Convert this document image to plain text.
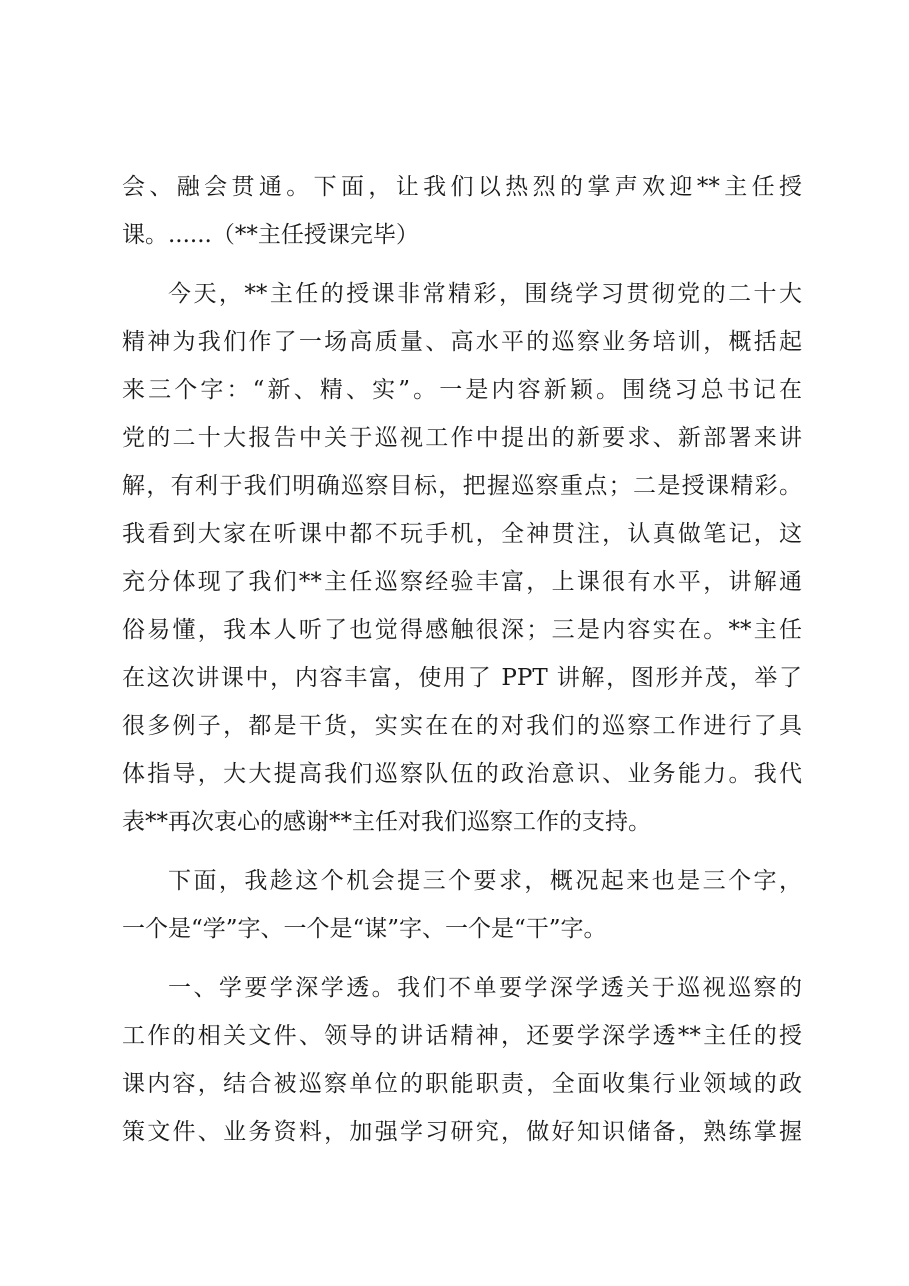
会、融会贯通。下面，让我们以热烈的掌声欢迎**主任授
课。......（**主任授课完毕）
今天，**主任的授课非常精彩，围绕学习贯彻党的二十大
精神为我们作了一场高质量、高水平的巡察业务培训，概括起
来三个字：“新、精、实”。一是内容新颖。围绕习总书记在
党的二十大报告中关于巡视工作中提出的新要求、新部署来讲
解，有利于我们明确巡察目标，把握巡察重点；二是授课精彩。
我看到大家在听课中都不玩手机，全神贯注，认真做笔记，这
充分体现了我们**主任巡察经验丰富，上课很有水平，讲解通
俗易懂，我本人听了也觉得感触很深；三是内容实在。**主任
在这次讲课中，内容丰富，使用了 PPT 讲解，图形并茂，举了
很多例子，都是干货，实实在在的对我们的巡察工作进行了具
体指导，大大提高我们巡察队伍的政治意识、业务能力。我代
表**再次衷心的感谢**主任对我们巡察工作的支持。
下面，我趁这个机会提三个要求，概况起来也是三个字，
一个是“学”字、一个是“谋”字、一个是“干”字。
一、学要学深学透。我们不单要学深学透关于巡视巡察的
工作的相关文件、领导的讲话精神，还要学深学透**主任的授
课内容，结合被巡察单位的职能职责，全面收集行业领域的政
策文件、业务资料，加强学习研究，做好知识储备，熟练掌握
